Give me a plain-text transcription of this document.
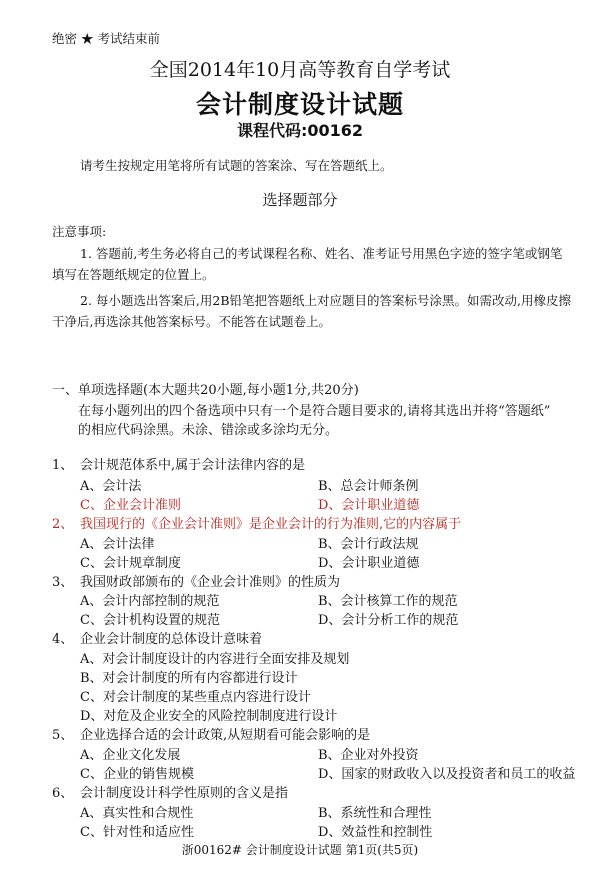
绝密 ★ 考试结束前
全国2014年10月高等教育自学考试
会计制度设计试题
课程代码:00162
请考生按规定用笔将所有试题的答案涂、写在答题纸上。
选择题部分
注意事项:
1. 答题前,考生务必将自己的考试课程名称、姓名、准考证号用黑色字迹的签字笔或钢笔填写在答题纸规定的位置上。
2. 每小题选出答案后,用2B铅笔把答题纸上对应题目的答案标号涂黑。如需改动,用橡皮擦干净后,再选涂其他答案标号。不能答在试题卷上。
一、单项选择题(本大题共20小题,每小题1分,共20分)
在每小题列出的四个备选项中只有一个是符合题目要求的,请将其选出并将“答题纸”
的相应代码涂黑。未涂、错涂或多涂均无分。
1、 会计规范体系中,属于会计法律内容的是
A、会计法	B、总会计师条例
C、企业会计准则	D、会计职业道德
2、 我国现行的《企业会计准则》是企业会计的行为准则,它的内容属于
A、会计法律	B、会计行政法规
C、会计规章制度	D、会计职业道德
3、 我国财政部颁布的《企业会计准则》的性质为
A、会计内部控制的规范	B、会计核算工作的规范
C、会计机构设置的规范	D、会计分析工作的规范
4、 企业会计制度的总体设计意味着
A、对会计制度设计的内容进行全面安排及规划
B、对会计制度的所有内容都进行设计
C、对会计制度的某些重点内容进行设计
D、对危及企业安全的风险控制制度进行设计
5、 企业选择合适的会计政策,从短期看可能会影响的是
A、企业文化发展	B、企业对外投资
C、企业的销售规模	D、国家的财政收入以及投资者和员工的收益
6、 会计制度设计科学性原则的含义是指
A、真实性和合规性	B、系统性和合理性
C、针对性和适应性	D、效益性和控制性
浙00162# 会计制度设计试题 第1页(共5页)
